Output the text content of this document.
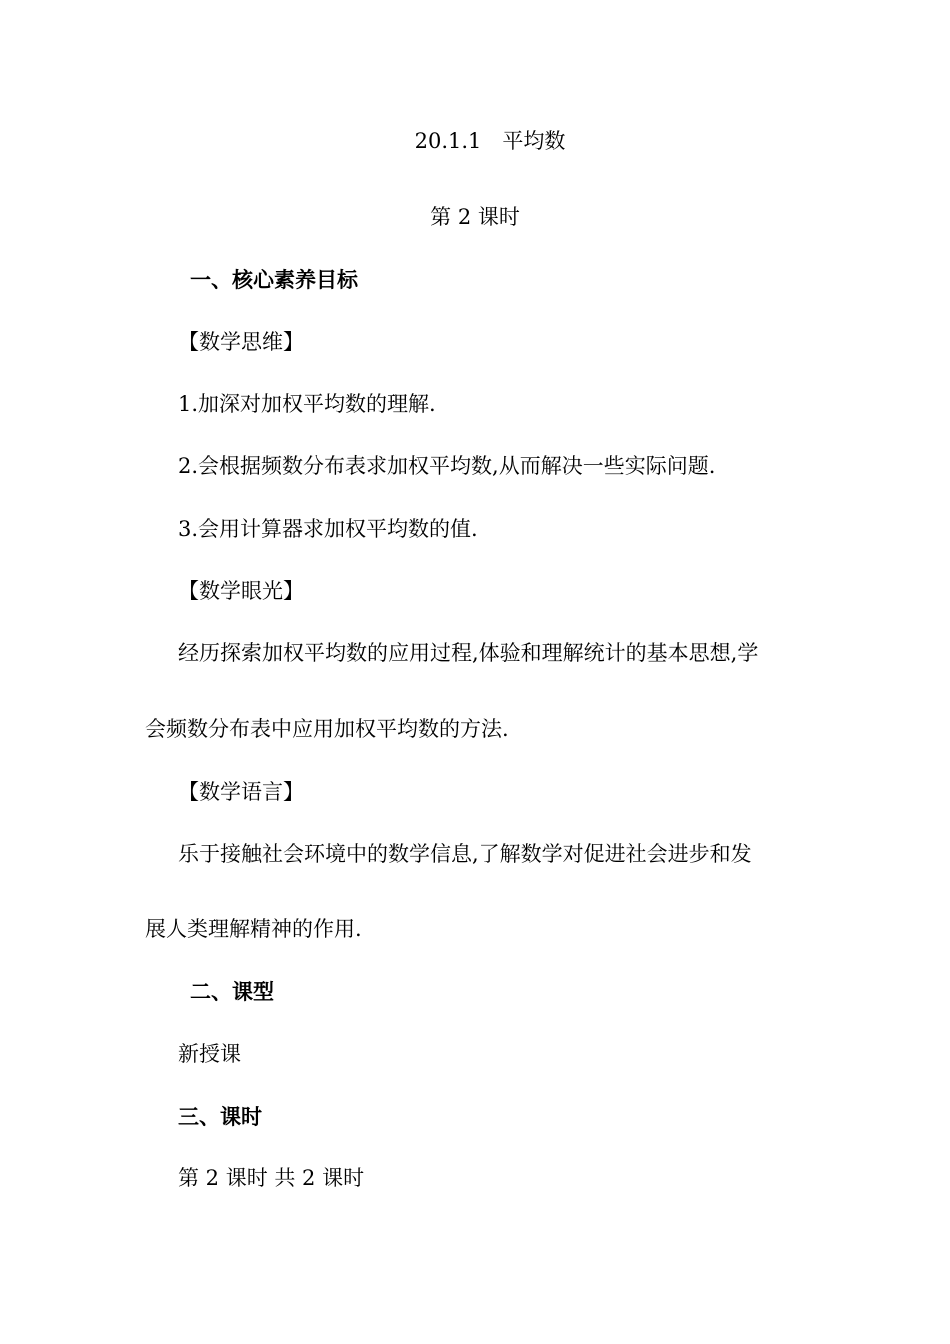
20.1.1　平均数

第 2 课时

一、核心素养目标

【数学思维】

1.加深对加权平均数的理解.

2.会根据频数分布表求加权平均数,从而解决一些实际问题.

3.会用计算器求加权平均数的值.

【数学眼光】

经历探索加权平均数的应用过程,体验和理解统计的基本思想,学

会频数分布表中应用加权平均数的方法.

【数学语言】

乐于接触社会环境中的数学信息,了解数学对促进社会进步和发

展人类理解精神的作用.

二、课型

新授课

三、课时

第 2 课时 共 2 课时
